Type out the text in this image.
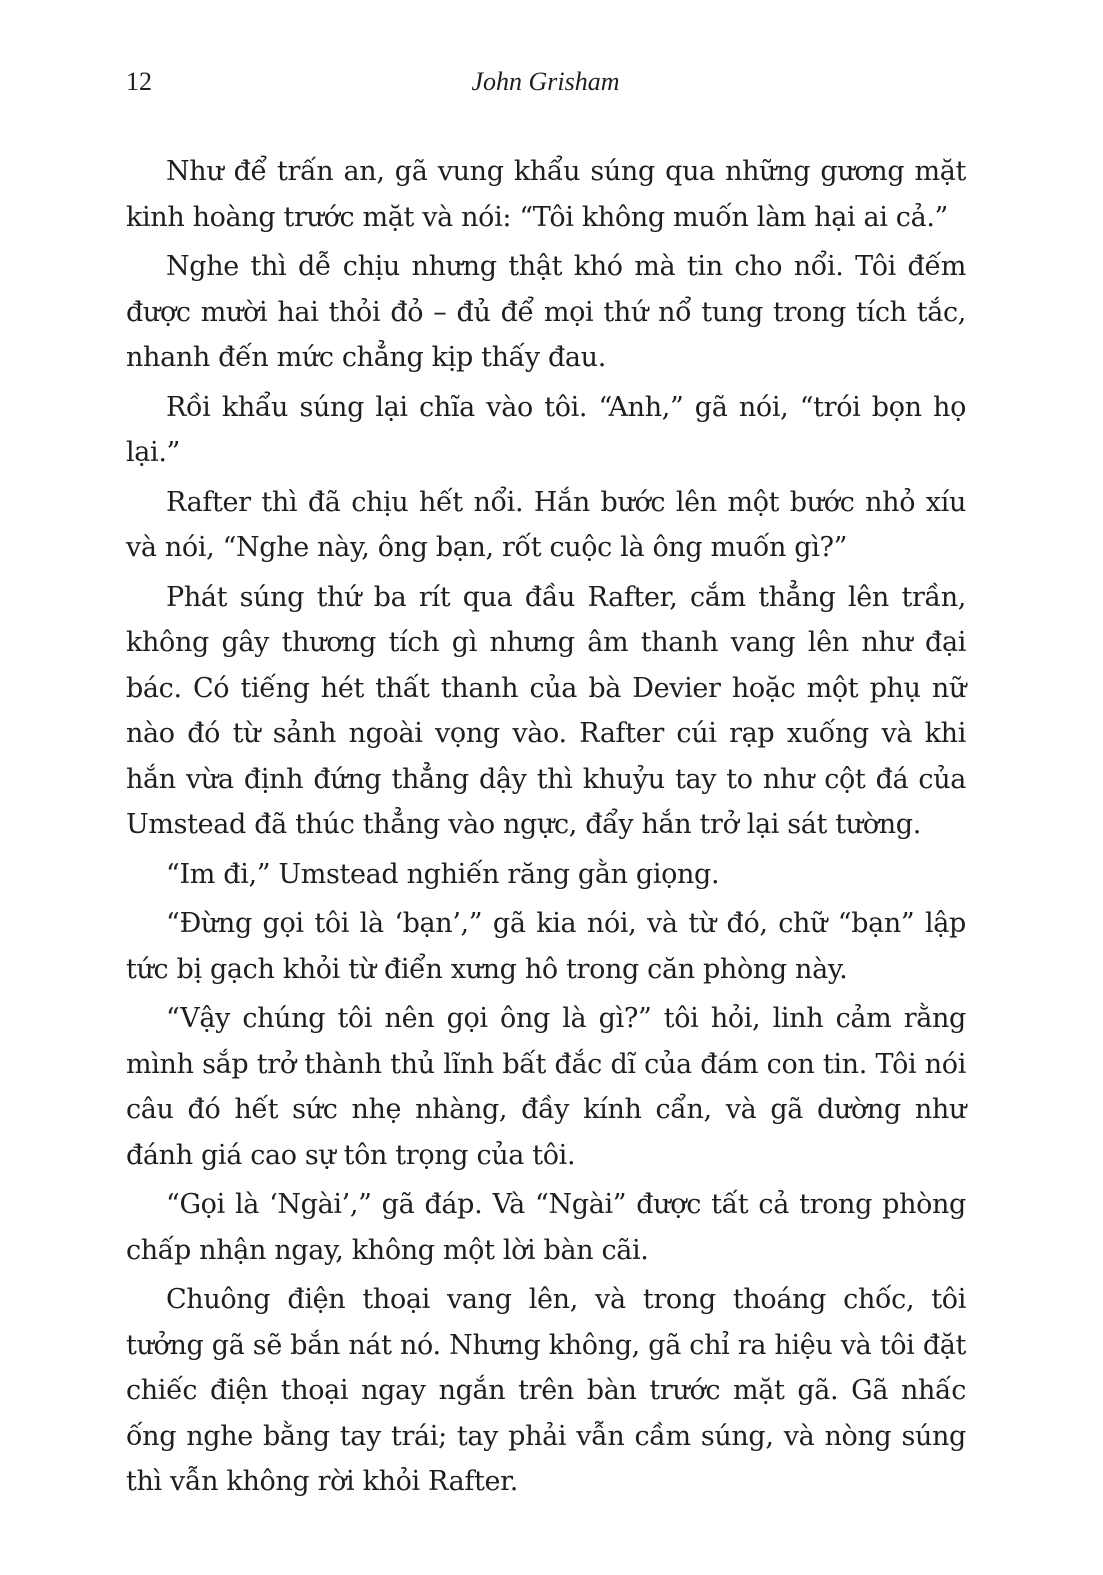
12	John Grisham

Như để trấn an, gã vung khẩu súng qua những gương mặt kinh hoàng trước mặt và nói: “Tôi không muốn làm hại ai cả.”

Nghe thì dễ chịu nhưng thật khó mà tin cho nổi. Tôi đếm được mười hai thỏi đỏ – đủ để mọi thứ nổ tung trong tích tắc, nhanh đến mức chẳng kịp thấy đau.

Rồi khẩu súng lại chĩa vào tôi. “Anh,” gã nói, “trói bọn họ lại.”

Rafter thì đã chịu hết nổi. Hắn bước lên một bước nhỏ xíu và nói, “Nghe này, ông bạn, rốt cuộc là ông muốn gì?”

Phát súng thứ ba rít qua đầu Rafter, cắm thẳng lên trần, không gây thương tích gì nhưng âm thanh vang lên như đại bác. Có tiếng hét thất thanh của bà Devier hoặc một phụ nữ nào đó từ sảnh ngoài vọng vào. Rafter cúi rạp xuống và khi hắn vừa định đứng thẳng dậy thì khuỷu tay to như cột đá của Umstead đã thúc thẳng vào ngực, đẩy hắn trở lại sát tường.

“Im đi,” Umstead nghiến răng gằn giọng.

“Đừng gọi tôi là ‘bạn’,” gã kia nói, và từ đó, chữ “bạn” lập tức bị gạch khỏi từ điển xưng hô trong căn phòng này.

“Vậy chúng tôi nên gọi ông là gì?” tôi hỏi, linh cảm rằng mình sắp trở thành thủ lĩnh bất đắc dĩ của đám con tin. Tôi nói câu đó hết sức nhẹ nhàng, đầy kính cẩn, và gã dường như đánh giá cao sự tôn trọng của tôi.

“Gọi là ‘Ngài’,” gã đáp. Và “Ngài” được tất cả trong phòng chấp nhận ngay, không một lời bàn cãi.

Chuông điện thoại vang lên, và trong thoáng chốc, tôi tưởng gã sẽ bắn nát nó. Nhưng không, gã chỉ ra hiệu và tôi đặt chiếc điện thoại ngay ngắn trên bàn trước mặt gã. Gã nhấc ống nghe bằng tay trái; tay phải vẫn cầm súng, và nòng súng thì vẫn không rời khỏi Rafter.
